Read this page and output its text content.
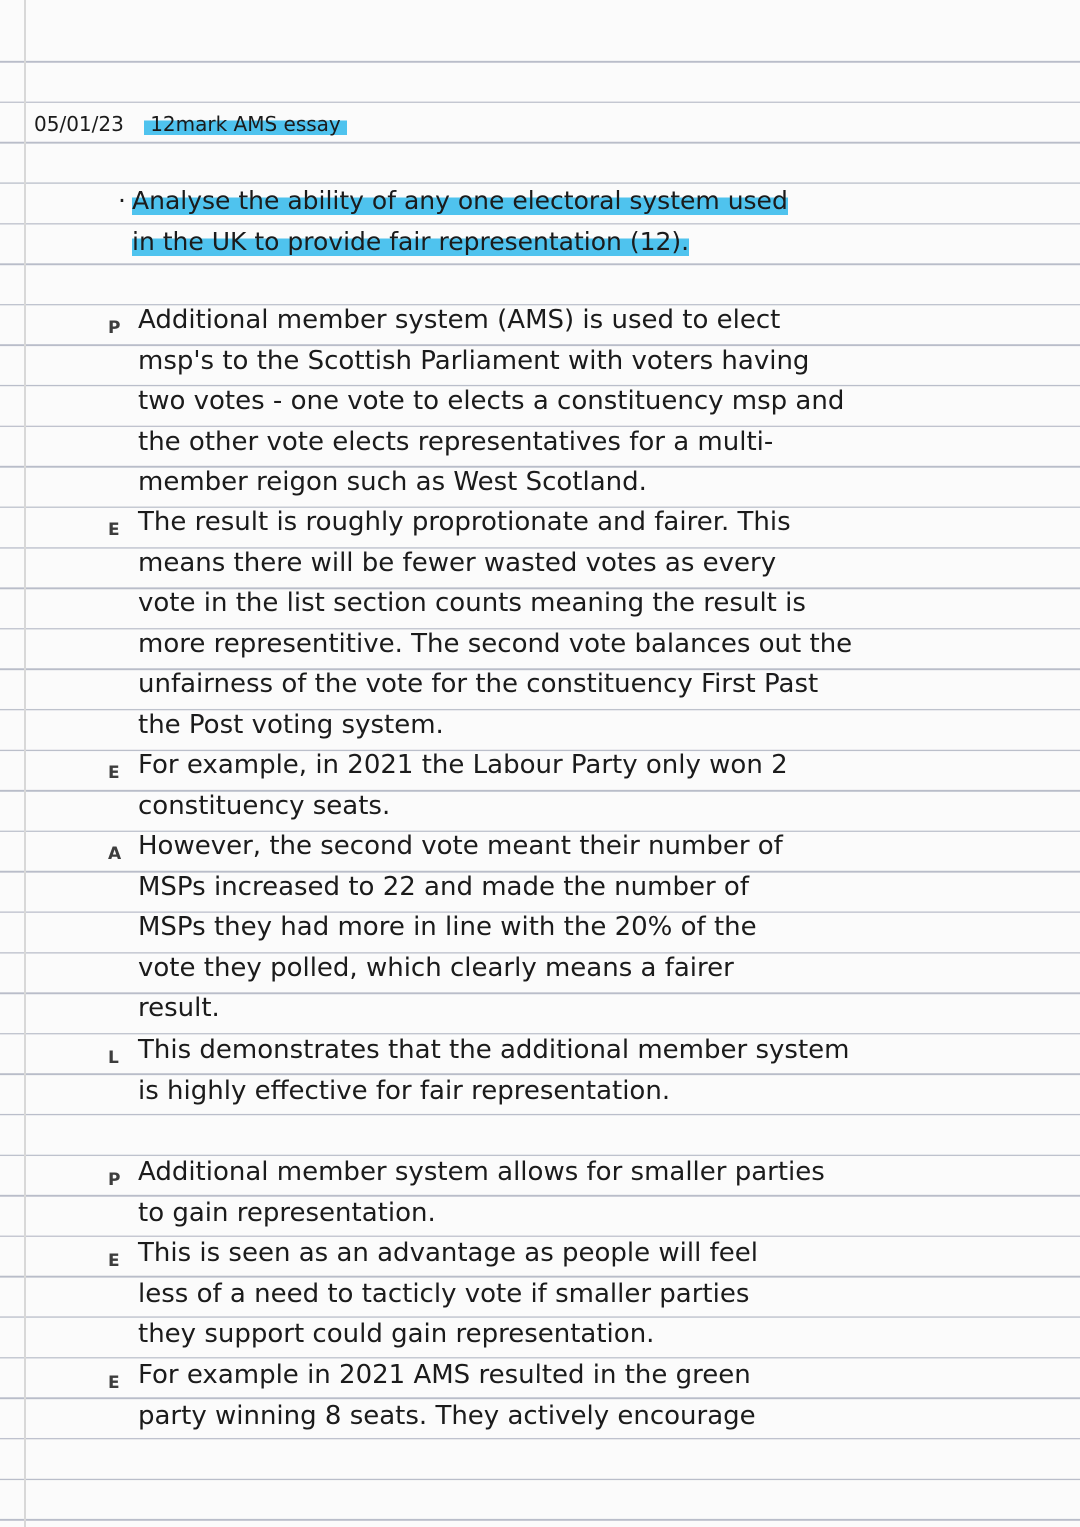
05/01/23 12mark AMS essay
· Analyse the ability of any one electoral system used
in the UK to provide fair representation (12).
P Additional member system (AMS) is used to elect
msp's to the Scottish Parliament with voters having
two votes - one vote to elects a constituency msp and
the other vote elects representatives for a multi-
member reigon such as West Scotland.
E The result is roughly proprotionate and fairer. This
means there will be fewer wasted votes as every
vote in the list section counts meaning the result is
more representitive. The second vote balances out the
unfairness of the vote for the constituency First Past
the Post voting system.
E For example, in 2021 the Labour Party only won 2
constituency seats.
A However, the second vote meant their number of
MSPs increased to 22 and made the number of
MSPs they had more in line with the 20% of the
vote they polled, which clearly means a fairer
result.
L This demonstrates that the additional member system
is highly effective for fair representation.
P Additional member system allows for smaller parties
to gain representation.
E This is seen as an advantage as people will feel
less of a need to tacticly vote if smaller parties
they support could gain representation.
E For example in 2021 AMS resulted in the green
party winning 8 seats. They actively encourage
